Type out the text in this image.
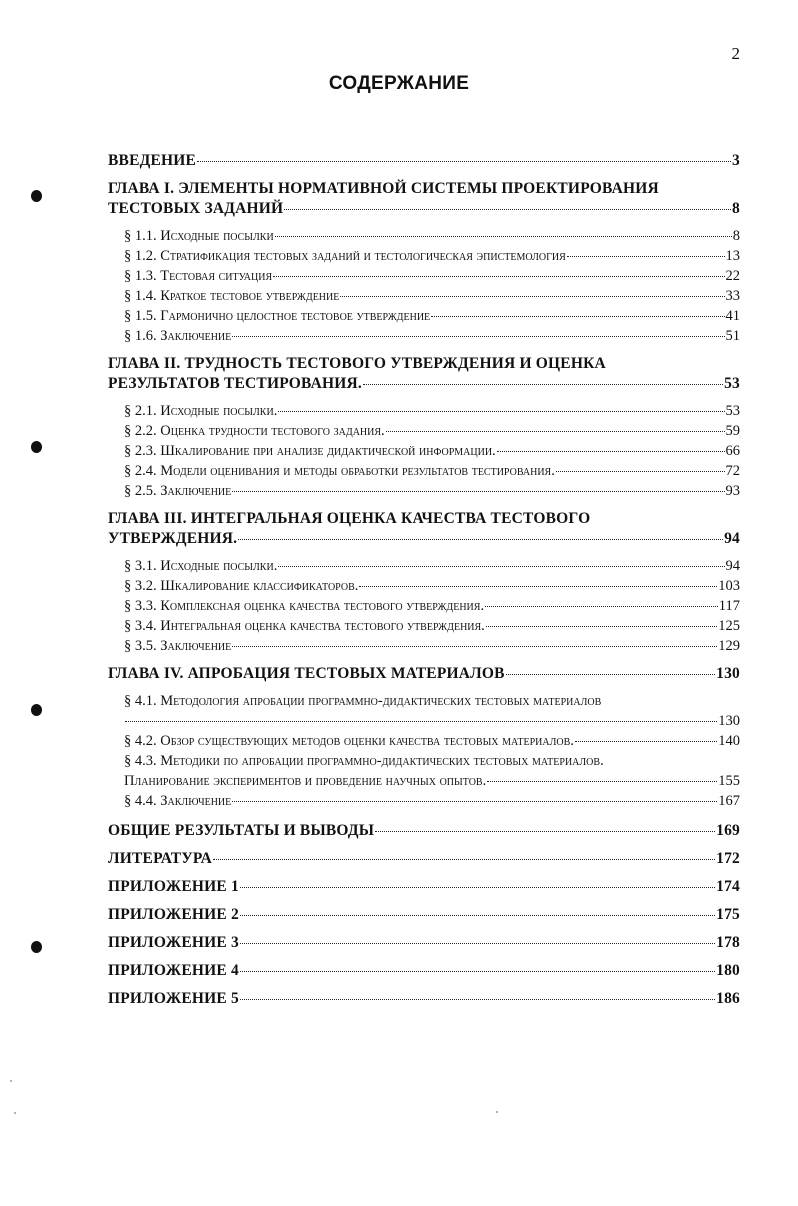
2
СОДЕРЖАНИЕ
ВВЕДЕНИЕ	3
ГЛАВА I. ЭЛЕМЕНТЫ НОРМАТИВНОЙ СИСТЕМЫ ПРОЕКТИРОВАНИЯ
ТЕСТОВЫХ ЗАДАНИЙ	8
§ 1.1. Исходные посылки	8
§ 1.2. Стратификация тестовых заданий и тестологическая эпистемология	13
§ 1.3. Тестовая ситуация	22
§ 1.4. Краткое тестовое утверждение	33
§ 1.5. Гармонично целостное тестовое утверждение	41
§ 1.6. Заключение	51
ГЛАВА II. ТРУДНОСТЬ ТЕСТОВОГО УТВЕРЖДЕНИЯ И ОЦЕНКА
РЕЗУЛЬТАТОВ ТЕСТИРОВАНИЯ.	53
§ 2.1. Исходные посылки.	53
§ 2.2. Оценка трудности тестового задания.	59
§ 2.3. Шкалирование при анализе дидактической информации.	66
§ 2.4. Модели оценивания и методы обработки результатов тестирования.	72
§ 2.5. Заключение	93
ГЛАВА III. ИНТЕГРАЛЬНАЯ ОЦЕНКА КАЧЕСТВА ТЕСТОВОГО
УТВЕРЖДЕНИЯ.	94
§ 3.1. Исходные посылки.	94
§ 3.2. Шкалирование классификаторов.	103
§ 3.3. Комплексная оценка качества тестового утверждения.	117
§ 3.4. Интегральная оценка качества тестового утверждения.	125
§ 3.5. Заключение	129
ГЛАВА IV. АПРОБАЦИЯ ТЕСТОВЫХ МАТЕРИАЛОВ	130
§ 4.1. Методология апробации программно-дидактических тестовых материалов
130
§ 4.2. Обзор существующих методов оценки качества тестовых материалов.	140
§ 4.3. Методики по апробации программно-дидактических тестовых материалов.
Планирование экспериментов и проведение научных опытов.	155
§ 4.4. Заключение	167
ОБЩИЕ РЕЗУЛЬТАТЫ И ВЫВОДЫ	169
ЛИТЕРАТУРА	172
ПРИЛОЖЕНИЕ 1	174
ПРИЛОЖЕНИЕ 2	175
ПРИЛОЖЕНИЕ 3	178
ПРИЛОЖЕНИЕ 4	180
ПРИЛОЖЕНИЕ 5	186
